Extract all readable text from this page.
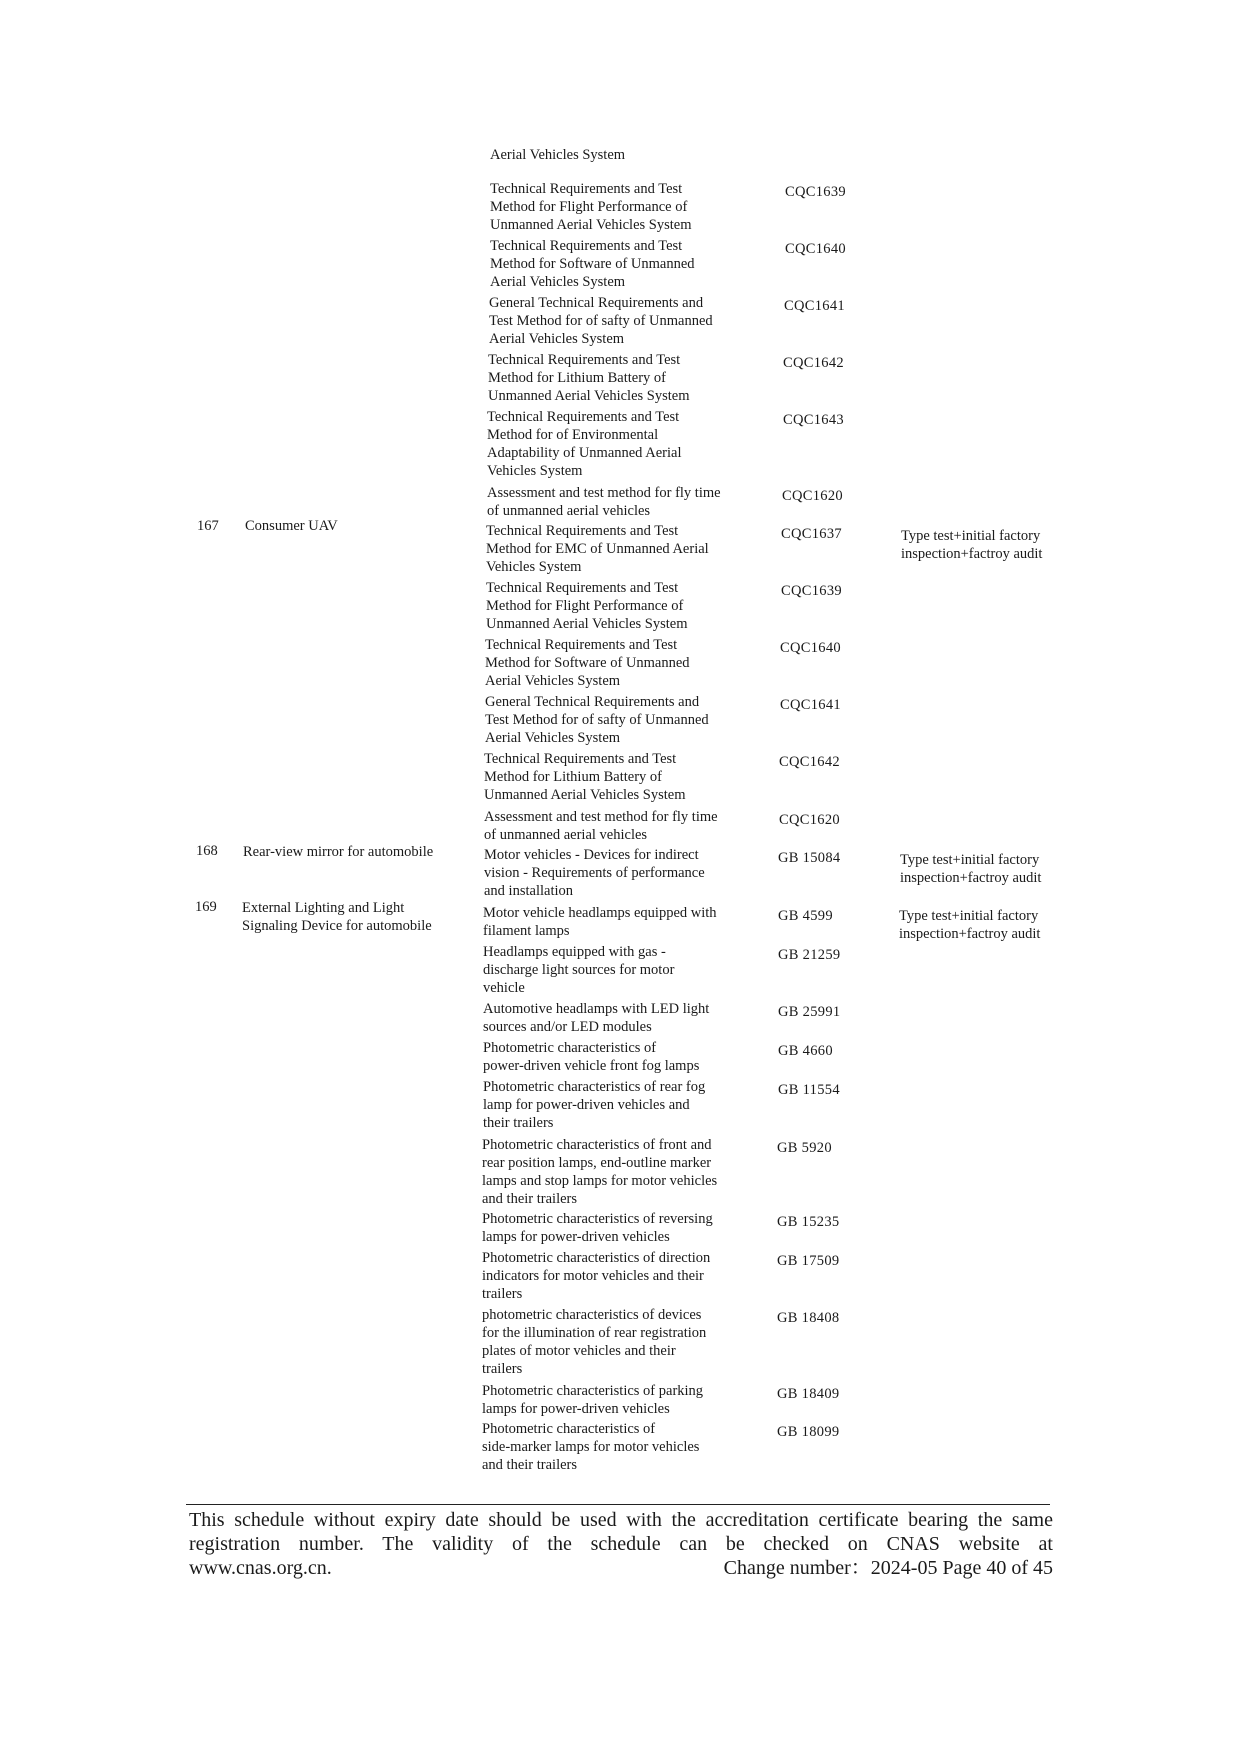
Aerial Vehicles System
Technical Requirements and Test
Method for Flight Performance of
Unmanned Aerial Vehicles System
CQC1639
Technical Requirements and Test
Method for Software of Unmanned
Aerial Vehicles System
CQC1640
General Technical Requirements and
Test Method for of safty of Unmanned
Aerial Vehicles System
CQC1641
Technical Requirements and Test
Method for Lithium Battery of
Unmanned Aerial Vehicles System
CQC1642
Technical Requirements and Test
Method for of Environmental
Adaptability of Unmanned Aerial
Vehicles System
CQC1643
Assessment and test method for fly time
of unmanned aerial vehicles
CQC1620
Technical Requirements and Test
Method for EMC of Unmanned Aerial
Vehicles System
CQC1637
Technical Requirements and Test
Method for Flight Performance of
Unmanned Aerial Vehicles System
CQC1639
Technical Requirements and Test
Method for Software of Unmanned
Aerial Vehicles System
CQC1640
General Technical Requirements and
Test Method for of safty of Unmanned
Aerial Vehicles System
CQC1641
Technical Requirements and Test
Method for Lithium Battery of
Unmanned Aerial Vehicles System
CQC1642
Assessment and test method for fly time
of unmanned aerial vehicles
CQC1620
Motor vehicles - Devices for indirect
vision - Requirements of performance
and installation
GB 15084
Motor vehicle headlamps equipped with
filament lamps
GB 4599
Headlamps equipped with gas -
discharge light sources for motor
vehicle
GB 21259
Automotive headlamps with LED light
sources and/or LED modules
GB 25991
Photometric characteristics of
power-driven vehicle front fog lamps
GB 4660
Photometric characteristics of rear fog
lamp for power-driven vehicles and
their trailers
GB 11554
Photometric characteristics of front and
rear position lamps, end-outline marker
lamps and stop lamps for motor vehicles
and their trailers
GB 5920
Photometric characteristics of reversing
lamps for power-driven vehicles
GB 15235
Photometric characteristics of direction
indicators for motor vehicles and their
trailers
GB 17509
photometric characteristics of devices
for the illumination of rear registration
plates of motor vehicles and their
trailers
GB 18408
Photometric characteristics of parking
lamps for power-driven vehicles
GB 18409
Photometric characteristics of
side-marker lamps for motor vehicles
and their trailers
GB 18099
167 Consumer UAV
Type test+initial factory
inspection+factroy audit
168 Rear-view mirror for automobile	Type test+initial factory
inspection+factroy audit
169 External Lighting and Light
Signaling Device for automobile
Type test+initial factory
inspection+factroy audit
This schedule without expiry date should be used with the accreditation certificate bearing the same registration number. The validity of the schedule can be checked on CNAS website at
www.cnas.org.cn.	Change number：2024-05 Page 40 of 45
